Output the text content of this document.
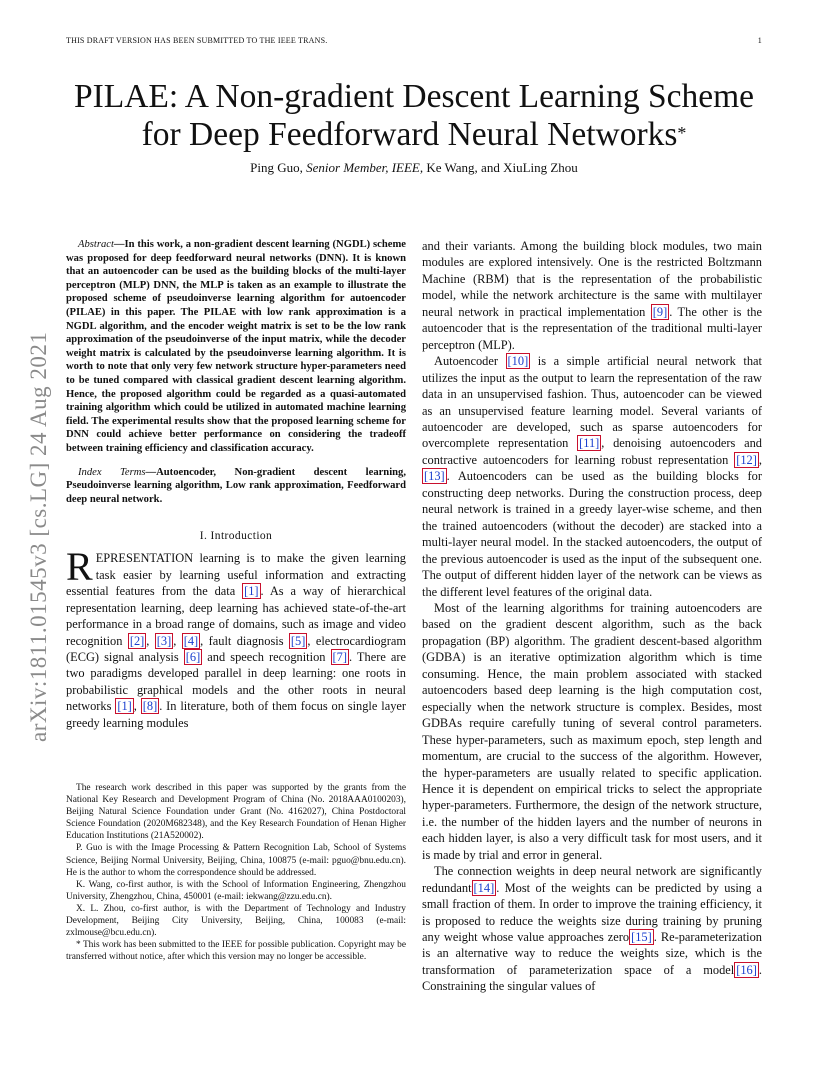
THIS DRAFT VERSION HAS BEEN SUBMITTED TO THE IEEE TRANS.	1
PILAE: A Non-gradient Descent Learning Scheme
for Deep Feedforward Neural Networks*
Ping Guo, Senior Member, IEEE, Ke Wang, and XiuLing Zhou
arXiv:1811.01545v3 [cs.LG] 24 Aug 2021

Abstract—In this work, a non-gradient descent learning (NGDL) scheme was proposed for deep feedforward neural networks (DNN). It is known that an autoencoder can be used as the building blocks of the multi-layer perceptron (MLP) DNN, the MLP is taken as an example to illustrate the proposed scheme of pseudoinverse learning algorithm for autoencoder (PILAE) in this paper. The PILAE with low rank approximation is a NGDL algorithm, and the encoder weight matrix is set to be the low rank approximation of the pseudoinverse of the input matrix, while the decoder weight matrix is calculated by the pseudoinverse learning algorithm. It is worth to note that only very few network structure hyper-parameters need to be tuned compared with classical gradient descent learning algorithm. Hence, the proposed algorithm could be regarded as a quasi-automated training algorithm which could be utilized in automated machine learning field. The experimental results show that the proposed learning scheme for DNN could achieve better performance on considering the tradeoff between training efficiency and classification accuracy.

Index Terms—Autoencoder, Non-gradient descent learning, Pseudoinverse learning algorithm, Low rank approximation, Feedforward deep neural network.

I. Introduction

REPRESENTATION learning is to make the given learning task easier by learning useful information and extracting essential features from the data [1] . As a way of hierarchical representation learning, deep learning has achieved state-of-the-art performance in a broad range of domains, such as image and video recognition [2] , [3] , [4] , fault diagnosis [5] , electrocardiogram (ECG) signal analysis [6] and speech recognition [7] . There are two paradigms developed parallel in deep learning: one roots in probabilistic graphical models and the other roots in neural networks [1] , [8] . In literature, both of them focus on single layer greedy learning modules

The research work described in this paper was supported by the grants from the National Key Research and Development Program of China (No. 2018AAA0100203), Beijing Natural Science Foundation under Grant (No. 4162027), China Postdoctoral Science Foundation (2020M682348), and the Key Research Foundation of Henan Higher Education Institutions (21A520002).

P. Guo is with the Image Processing & Pattern Recognition Lab, School of Systems Science, Beijing Normal University, Beijing, China, 100875 (e-mail: pguo@bnu.edu.cn). He is the author to whom the correspondence should be addressed.

K. Wang, co-first author, is with the School of Information Engineering, Zhengzhou University, Zhengzhou, China, 450001 (e-mail: iekwang@zzu.edu.cn).

X. L. Zhou, co-first author, is with the Department of Technology and Industry Development, Beijing City University, Beijing, China, 100083 (e-mail: zxlmouse@bcu.edu.cn).

* This work has been submitted to the IEEE for possible publication. Copyright may be transferred without notice, after which this version may no longer be accessible.

and their variants. Among the building block modules, two main modules are explored intensively. One is the restricted Boltzmann Machine (RBM) that is the representation of the probabilistic model, while the network architecture is the same with multilayer neural network in practical implementation [9] . The other is the autoencoder that is the representation of the traditional multi-layer perceptron (MLP).

Autoencoder [10] is a simple artificial neural network that utilizes the input as the output to learn the representation of the raw data in an unsupervised fashion. Thus, autoencoder can be viewed as an unsupervised feature learning model. Several variants of autoencoder are developed, such as sparse autoencoders for overcomplete representation [11] , denoising autoencoders and contractive autoencoders for learning robust representation [12] , [13] . Autoencoders can be used as the building blocks for constructing deep networks. During the construction process, deep neural network is trained in a greedy layer-wise scheme, and then the trained autoencoders (without the decoder) are stacked into a multi-layer neural model. In the stacked autoencoders, the output of the previous autoencoder is used as the input of the subsequent one. The output of different hidden layer of the network can be views as the different level features of the original data.

Most of the learning algorithms for training autoencoders are based on the gradient descent algorithm, such as the back propagation (BP) algorithm. The gradient descent-based algorithm (GDBA) is an iterative optimization algorithm which is time consuming. Hence, the main problem associated with stacked autoencoders based deep learning is the high computation cost, especially when the network structure is complex. Besides, most GDBAs require carefully tuning of several control parameters. These hyper-parameters, such as maximum epoch, step length and momentum, are crucial to the success of the algorithm. However, the hyper-parameters are usually related to specific application. Hence it is dependent on empirical tricks to select the appropriate hyper-parameters. Furthermore, the design of the network structure, i.e. the number of the hidden layers and the number of neurons in each hidden layer, is also a very difficult task for most users, and it is made by trial and error in general.

The connection weights in deep neural network are significantly redundant [14] . Most of the weights can be predicted by using a small fraction of them. In order to improve the training efficiency, it is proposed to reduce the weights size during training by pruning any weight whose value approaches zero [15] . Re-parameterization is an alternative way to reduce the weights size, which is the transformation of parameterization space of a model [16] . Constraining the singular values of
